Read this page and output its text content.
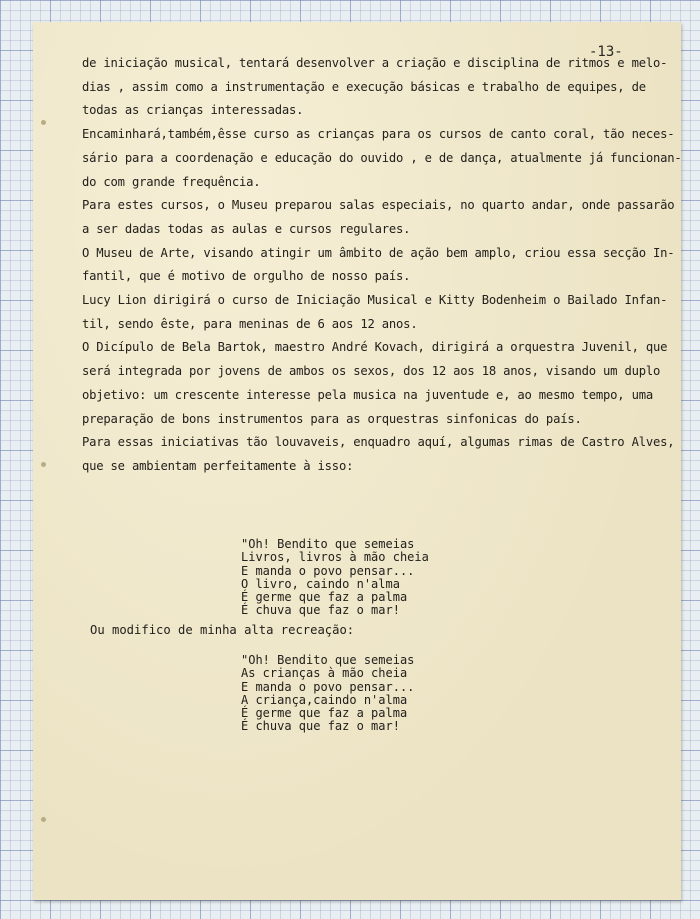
-13-
de iniciação musical, tentará desenvolver a criação e disciplina de ritmos e melo-
dias , assim como a instrumentação e execução básicas e trabalho de equipes, de
todas as crianças interessadas.
Encaminhará,também,êsse curso as crianças para os cursos de canto coral, tão neces-
sário para a coordenação e educação do ouvido , e de dança, atualmente já funcionan-
do com grande frequência.
Para estes cursos, o Museu preparou salas especiais, no quarto andar, onde passarão
a ser dadas todas as aulas e cursos regulares.
O Museu de Arte, visando atingir um âmbito de ação bem amplo, criou essa secção In-
fantil, que é motivo de orgulho de nosso país.
Lucy Lion dirigirá o curso de Iniciação Musical e Kitty Bodenheim o Bailado Infan-
til, sendo êste, para meninas de 6 aos 12 anos.
O Dicípulo de Bela Bartok, maestro André Kovach, dirigirá a orquestra Juvenil, que
será integrada por jovens de ambos os sexos, dos 12 aos 18 anos, visando um duplo
objetivo: um crescente interesse pela musica na juventude e, ao mesmo tempo, uma
preparação de bons instrumentos para as orquestras sinfonicas do país.
Para essas iniciativas tão louvaveis, enquadro aquí, algumas rimas de Castro Alves,
que se ambientam perfeitamente à isso:
"Oh! Bendito que semeias
Livros, livros à mão cheia
E manda o povo pensar...
O livro, caindo n'alma
É germe que faz a palma
É chuva que faz o mar!
Ou modifico de minha alta recreação:
"Oh! Bendito que semeias
As crianças à mão cheia
E manda o povo pensar...
A criança,caindo n'alma
É germe que faz a palma
É chuva que faz o mar!
